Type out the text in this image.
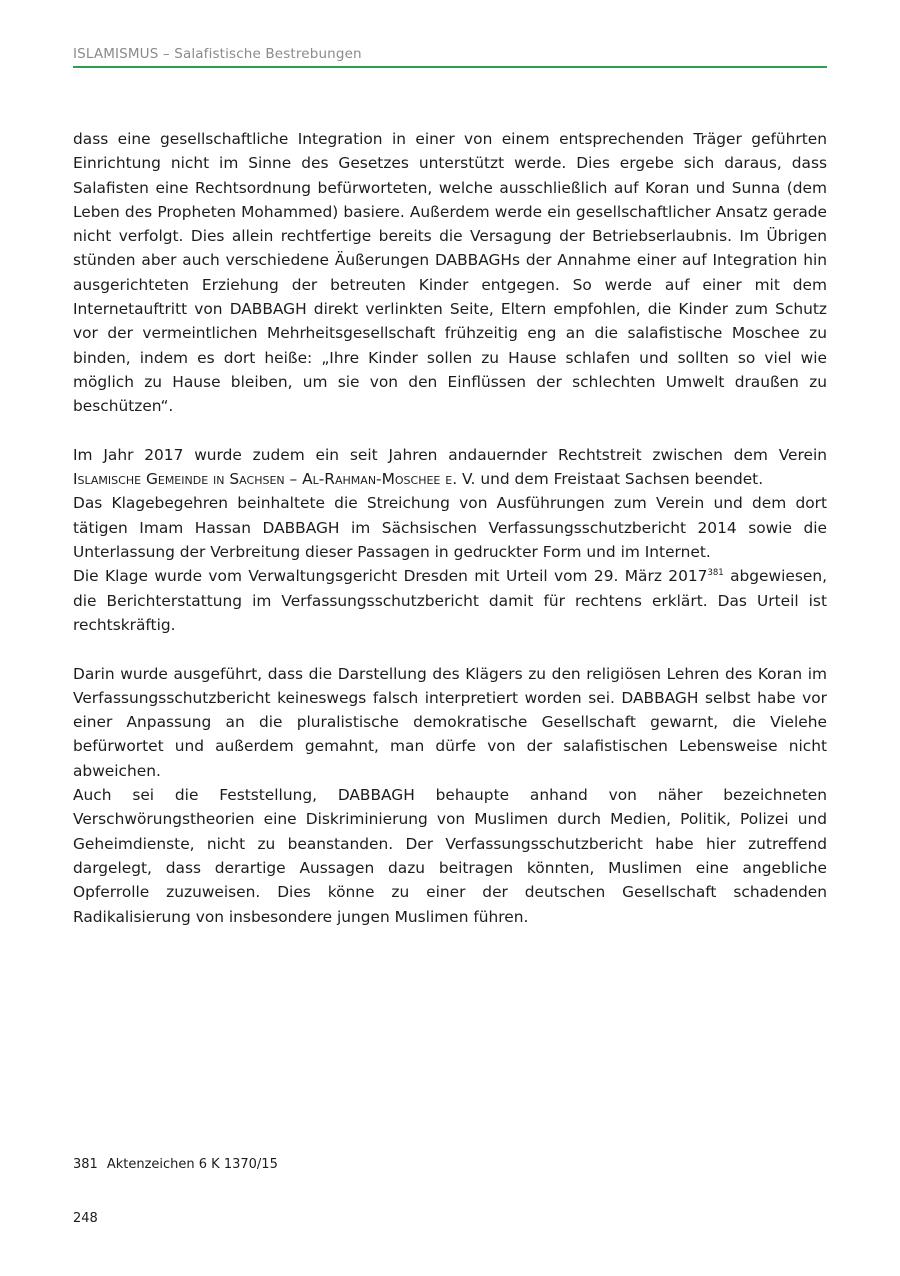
ISLAMISMUS – Salafistische Bestrebungen

dass eine gesellschaftliche Integration in einer von einem entsprechenden Träger geführten Einrichtung nicht im Sinne des Gesetzes unterstützt werde. Dies ergebe sich daraus, dass Salafisten eine Rechtsordnung befürworteten, welche ausschließlich auf Koran und Sunna (dem Leben des Propheten Mohammed) basiere. Außerdem werde ein gesellschaftlicher Ansatz gerade nicht verfolgt. Dies allein rechtfertige bereits die Versagung der Betriebserlaubnis. Im Übrigen stünden aber auch verschiedene Äußerungen DABBAGHs der Annahme einer auf Integration hin ausgerichteten Erziehung der betreuten Kinder entgegen. So werde auf einer mit dem Internetauftritt von DABBAGH direkt verlinkten Seite, Eltern empfohlen, die Kinder zum Schutz vor der vermeintlichen Mehrheitsgesellschaft frühzeitig eng an die salafistische Moschee zu binden, indem es dort heiße: „Ihre Kinder sollen zu Hause schlafen und sollten so viel wie möglich zu Hause bleiben, um sie von den Einflüssen der schlechten Umwelt draußen zu beschützen“.

Im Jahr 2017 wurde zudem ein seit Jahren andauernder Rechtstreit zwischen dem Verein Islamische Gemeinde in Sachsen – Al-Rahman-Moschee e. V. und dem Freistaat Sachsen beendet.

Das Klagebegehren beinhaltete die Streichung von Ausführungen zum Verein und dem dort tätigen Imam Hassan DABBAGH im Sächsischen Verfassungsschutzbericht 2014 sowie die Unterlassung der Verbreitung dieser Passagen in gedruckter Form und im Internet.

Die Klage wurde vom Verwaltungsgericht Dresden mit Urteil vom 29. März 2017$^{381}$ abgewiesen, die Berichterstattung im Verfassungsschutzbericht damit für rechtens erklärt. Das Urteil ist rechtskräftig.

Darin wurde ausgeführt, dass die Darstellung des Klägers zu den religiösen Lehren des Koran im Verfassungsschutzbericht keineswegs falsch interpretiert worden sei. DABBAGH selbst habe vor einer Anpassung an die pluralistische demokratische Gesellschaft gewarnt, die Vielehe befürwortet und außerdem gemahnt, man dürfe von der salafistischen Lebensweise nicht abweichen.

Auch sei die Feststellung, DABBAGH behaupte anhand von näher bezeichneten Verschwörungstheorien eine Diskriminierung von Muslimen durch Medien, Politik, Polizei und Geheimdienste, nicht zu beanstanden. Der Verfassungsschutzbericht habe hier zutreffend dargelegt, dass derartige Aussagen dazu beitragen könnten, Muslimen eine angebliche Opferrolle zuzuweisen. Dies könne zu einer der deutschen Gesellschaft schadenden Radikalisierung von insbesondere jungen Muslimen führen.

381 Aktenzeichen 6 K 1370/15
248
